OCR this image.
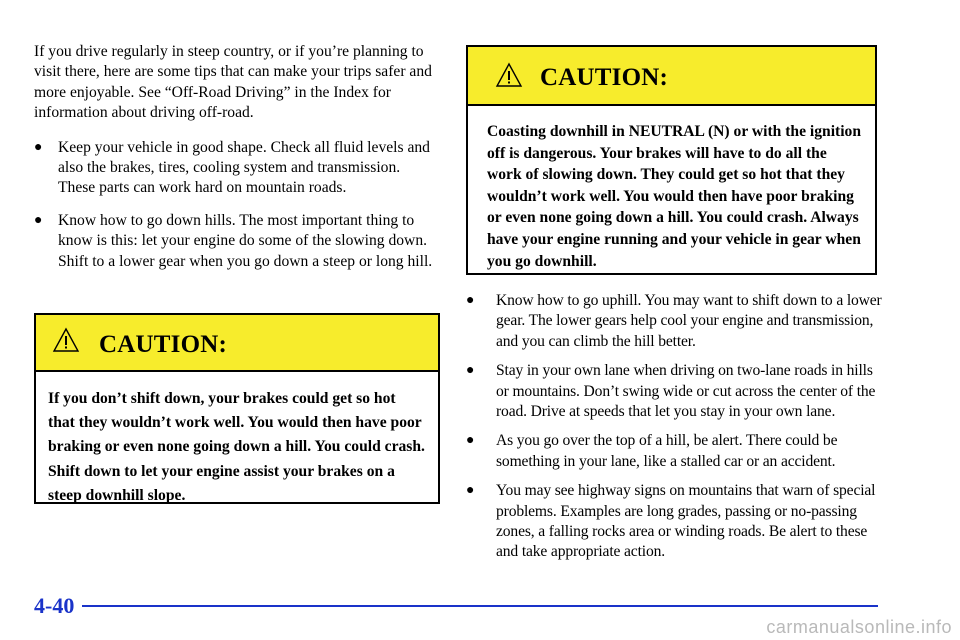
If you drive regularly in steep country, or if you’re planning to visit there, here are some tips that can make your trips safer and more enjoyable. See “Off-Road Driving” in the Index for information about driving off-road.

● Keep your vehicle in good shape. Check all fluid levels and also the brakes, tires, cooling system and transmission. These parts can work hard on mountain roads.
● Know how to go down hills. The most important thing to know is this: let your engine do some of the slowing down. Shift to a lower gear when you go down a steep or long hill.
CAUTION:
If you don’t shift down, your brakes could get so hot that they wouldn’t work well. You would then have poor braking or even none going down a hill. You could crash. Shift down to let your engine assist your brakes on a steep downhill slope.
CAUTION:
Coasting downhill in NEUTRAL (N) or with the ignition off is dangerous. Your brakes will have to do all the work of slowing down. They could get so hot that they wouldn’t work well. You would then have poor braking or even none going down a hill. You could crash. Always have your engine running and your vehicle in gear when you go downhill.
● Know how to go uphill. You may want to shift down to a lower gear. The lower gears help cool your engine and transmission, and you can climb the hill better.
● Stay in your own lane when driving on two-lane roads in hills or mountains. Don’t swing wide or cut across the center of the road. Drive at speeds that let you stay in your own lane.
● As you go over the top of a hill, be alert. There could be something in your lane, like a stalled car or an accident.
● You may see highway signs on mountains that warn of special problems. Examples are long grades, passing or no-passing zones, a falling rocks area or winding roads. Be alert to these and take appropriate action.
4-40
carmanualsonline.info
